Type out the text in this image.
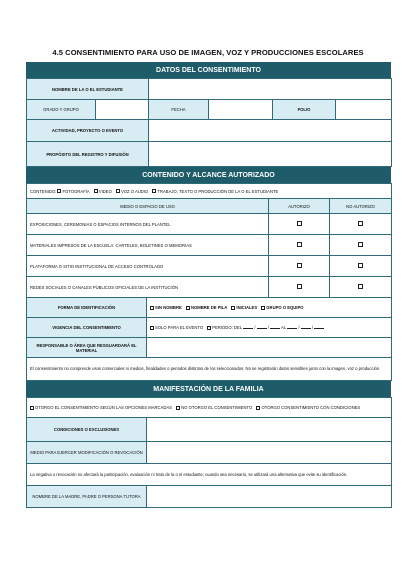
4.5 CONSENTIMIENTO PARA USO DE IMAGEN, VOZ Y PRODUCCIONES ESCOLARES
DATOS DEL CONSENTIMIENTO
NOMBRE DE LA O EL ESTUDIANTE					
GRADO Y GRUPO		FECHA		FOLIO	
ACTIVIDAD, PROYECTO O EVENTO					
PROPÓSITO DEL REGISTRO Y DIFUSIÓN					
CONTENIDO Y ALCANCE AUTORIZADO
CONTENIDO: FOTOGRAFÍA VIDEO VOZ O AUDIO TRABAJO, TEXTO O PRODUCCIÓN DE LA O EL ESTUDIANTE			
MEDIO O ESPACIO DE USO		AUTORIZO	NO AUTORIZO
EXPOSICIONES, CEREMONIAS O ESPACIOS INTERNOS DEL PLANTEL			
MATERIALES IMPRESOS DE LA ESCUELA: CARTELES, BOLETINES O MEMORIAS			
PLATAFORMA O SITIO INSTITUCIONAL DE ACCESO CONTROLADO			
REDES SOCIALES O CANALES PÚBLICOS OFICIALES DE LA INSTITUCIÓN			
FORMA DE IDENTIFICACIÓN	SIN NOMBRE NOMBRE DE PILA INICIALES GRUPO O EQUIPO		
VIGENCIA DEL CONSENTIMIENTO	SOLO PARA EL EVENTO PERIODO: DEL /  / AL /  /		
RESPONSABLE O ÁREA QUE RESGUARDARÁ EL MATERIAL			
El consentimiento no comprende usos comerciales ni medios, finalidades o periodos distintos de los seleccionados. No se registrarán datos sensibles junto con la imagen, voz o producción.			
MANIFESTACIÓN DE LA FAMILIA
OTORGO EL CONSENTIMIENTO SEGÚN LAS OPCIONES MARCADAS NO OTORGO EL CONSENTIMIENTO OTORGO CONSENTIMIENTO CON CONDICIONES	
CONDICIONES O EXCLUSIONES	
MEDIO PARA EJERCER MODIFICACIÓN O REVOCACIÓN	
La negativa o revocación no afectará la participación, evaluación ni trato de la o el estudiante; cuando sea necesario, se utilizará una alternativa que evite su identificación.	
NOMBRE DE LA MADRE, PADRE O PERSONA TUTORA	
